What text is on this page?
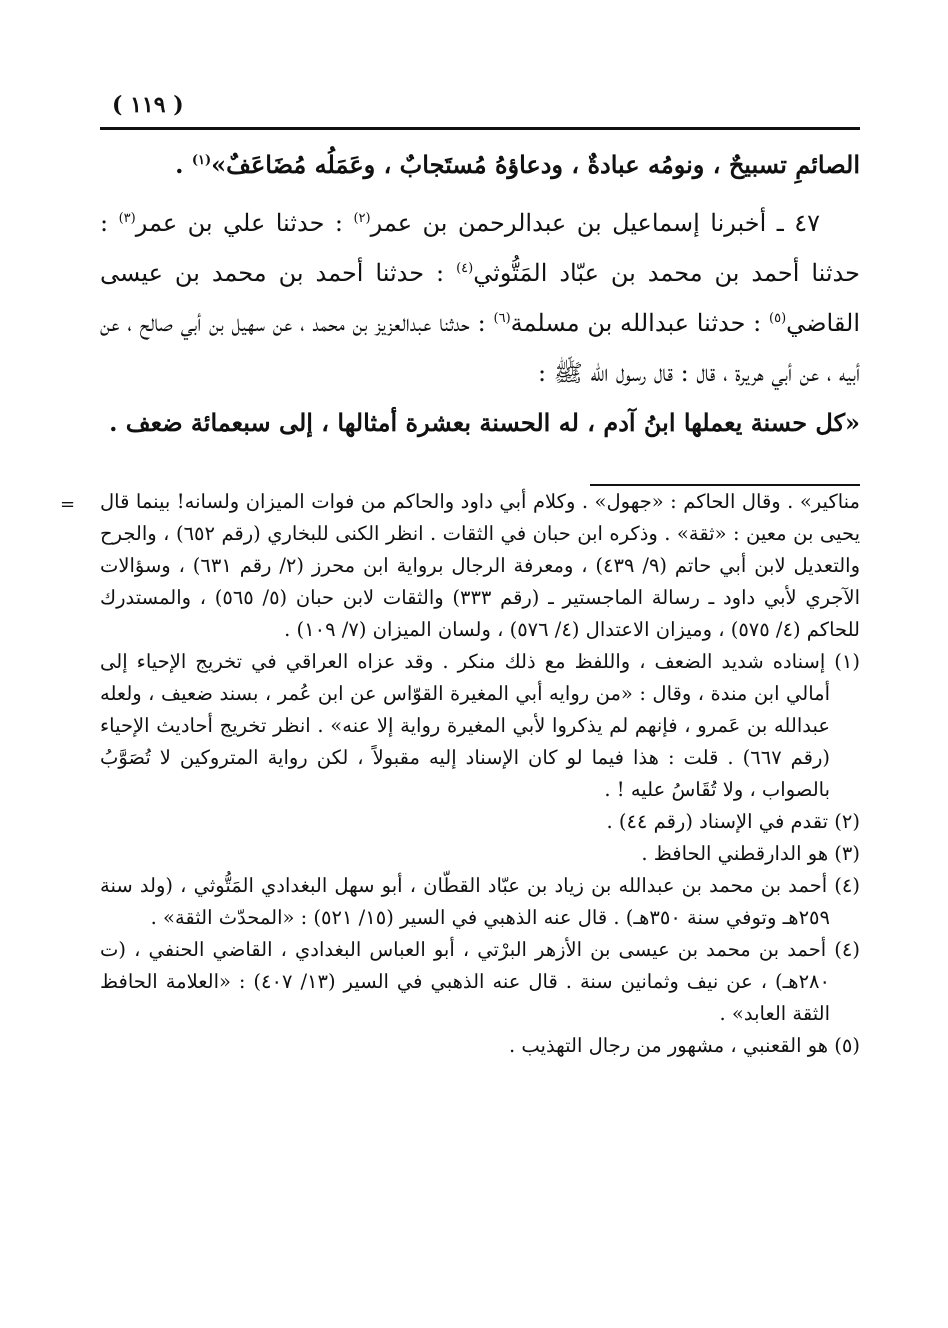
( ١١٩ )

الصائمِ تسبيحٌ ، ونومُه عبادةٌ ، ودعاؤهُ مُستَجابٌ ، وعَمَلُه مُضَاعَفٌ»$^{(١)}$ .

٤٧ ـ أخبرنا إسماعيل بن عبدالرحمن بن عمر$^{(٢)}$ : حدثنا علي بن عمر$^{(٣)}$ : حدثنا أحمد بن محمد بن عبّاد المَتُّوثي$^{(٤)}$ : حدثنا أحمد بن محمد بن عيسى القاضي$^{(٥)}$ : حدثنا عبدالله بن مسلمة$^{(٦)}$ : حدثنا عبدالعزيز بن محمد ، عن سهيل بن أبي صالح ، عن أبيه ، عن أبي هريرة ، قال : قال رسول الله ﷺ :

«كل حسنة يعملها ابنُ آدم ، له الحسنة بعشرة أمثالها ، إلى سبعمائة ضعف .

= مناكير» . وقال الحاكم : «جهول» . وكلام أبي داود والحاكم من فوات الميزان ولسانه! بينما قال يحيى بن معين : «ثقة» . وذكره ابن حبان في الثقات . انظر الكنى للبخاري (رقم ٦٥٢) ، والجرح والتعديل لابن أبي حاتم (٩/ ٤٣٩) ، ومعرفة الرجال برواية ابن محرز (٢/ رقم ٦٣١) ، وسؤالات الآجري لأبي داود ـ رسالة الماجستير ـ (رقم ٣٣٣) والثقات لابن حبان (٥/ ٥٦٥) ، والمستدرك للحاكم (٤/ ٥٧٥) ، وميزان الاعتدال (٤/ ٥٧٦) ، ولسان الميزان (٧/ ١٠٩) .

(١) إسناده شديد الضعف ، واللفظ مع ذلك منكر . وقد عزاه العراقي في تخريج الإحياء إلى أمالي ابن مندة ، وقال : «من روايه أبي المغيرة القوّاس عن ابن عُمر ، بسند ضعيف ، ولعله عبدالله بن عَمرو ، فإنهم لم يذكروا لأبي المغيرة رواية إلا عنه» . انظر تخريج أحاديث الإحياء (رقم ٦٦٧) . قلت : هذا فيما لو كان الإسناد إليه مقبولاً ، لكن رواية المتروكين لا تُصَوَّبُ بالصواب ، ولا تُقَاسُ عليه ! .

(٢) تقدم في الإسناد (رقم ٤٤) .

(٣) هو الدارقطني الحافظ .

(٤) أحمد بن محمد بن عبدالله بن زياد بن عبّاد القطّان ، أبو سهل البغدادي المَتُّوثي ، (ولد سنة ٢٥٩هـ وتوفي سنة ٣٥٠هـ) . قال عنه الذهبي في السير (١٥/ ٥٢١) : «المحدّث الثقة» .

(٤) أحمد بن محمد بن عيسى بن الأزهر البرْتي ، أبو العباس البغدادي ، القاضي الحنفي ، (ت ٢٨٠هـ) ، عن نيف وثمانين سنة . قال عنه الذهبي في السير (١٣/ ٤٠٧) : «العلامة الحافظ الثقة العابد» .

(٥) هو القعنبي ، مشهور من رجال التهذيب .
